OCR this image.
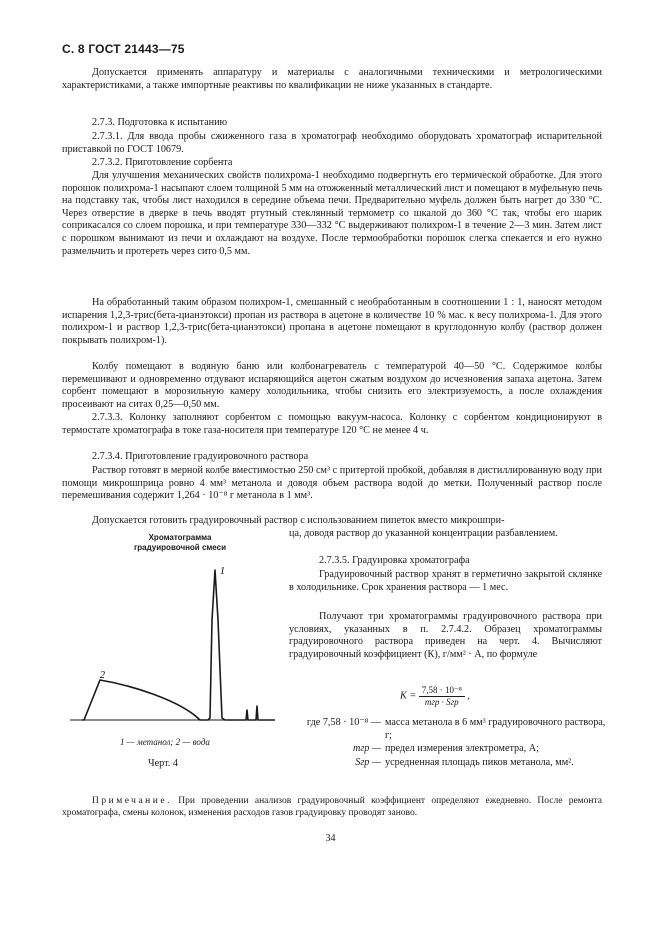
С. 8 ГОСТ 21443—75
Допускается применять аппаратуру и материалы с аналогичными техническими и метрологическими характеристиками, а также импортные реактивы по квалификации не ниже указанных в стандарте.
2.7.3. Подготовка к испытанию
2.7.3.1. Для ввода пробы сжиженного газа в хроматограф необходимо оборудовать хроматограф испарительной приставкой по ГОСТ 10679.
2.7.3.2. Приготовление сорбента
Для улучшения механических свойств полихрома-1 необходимо подвергнуть его термической обработке. Для этого порошок полихрома-1 насыпают слоем толщиной 5 мм на отожженный металлический лист и помещают в муфельную печь на подставку так, чтобы лист находился в середине объема печи. Предварительно муфель должен быть нагрет до 330 °С. Через отверстие в дверке в печь вводят ртутный стеклянный термометр со шкалой до 360 °С так, чтобы его шарик соприкасался со слоем порошка, и при температуре 330—332 °С выдерживают полихром-1 в течение 2—3 мин. Затем лист с порошком вынимают из печи и охлаждают на воздухе. После термообработки порошок слегка спекается и его нужно размельчить и протереть через сито 0,5 мм.
На обработанный таким образом полихром-1, смешанный с необработанным в соотношении 1 : 1, наносят методом испарения 1,2,3-трис(бета-цианэтокси) пропан из раствора в ацетоне в количестве 10 % мас. к весу полихрома-1. Для этого полихром-1 и раствор 1,2,3-трис(бета-цианэтокси) пропана в ацетоне помещают в круглодонную колбу (раствор должен покрывать полихром-1).
Колбу помещают в водяную баню или колбонагреватель с температурой 40—50 °С. Содержимое колбы перемешивают и одновременно отдувают испаряющийся ацетон сжатым воздухом до исчезновения запаха ацетона. Затем сорбент помещают в морозильную камеру холодильника, чтобы снизить его электризуемость, а после охлаждения просеивают на ситах 0,25—0,50 мм.
2.7.3.3. Колонку заполняют сорбентом с помощью вакуум-насоса. Колонку с сорбентом кондиционируют в термостате хроматографа в токе газа-носителя при температуре 120 °С не менее 4 ч.
2.7.3.4. Приготовление градуировочного раствора
Раствор готовят в мерной колбе вместимостью 250 см³ с притертой пробкой, добавляя в дистиллированную воду при помощи микрошприца ровно 4 мм³ метанола и доводя объем раствора водой до метки. Полученный раствор после перемешивания содержит 1,264 · 10⁻⁸ г метанола в 1 мм³.
Допускается готовить градуировочный раствор с использованием пипеток вместо микрошпри-
ца, доводя раствор до указанной концентрации разбавлением.
2.7.3.5. Градуировка хроматографа
Градуировочный раствор хранят в герметично закрытой склянке в холодильнике. Срок хранения раствора — 1 мес.
Получают три хроматограммы градуировочного раствора при условиях, указанных в п. 2.7.4.2. Образец хроматограммы градуировочного раствора приведен на черт. 4. Вычисляют градуировочный коэффициент (К), г/мм² · А, по формуле
$К = \frac{\text{7,58 · 10⁻⁸}}{\text{mгр · Sгр}}$ ,
где 7,58 · 10⁻⁸ — масса метанола в 6 мм³ градуировочного раствора, г;
mгр — предел измерения электрометра, А;
Sгр — усредненная площадь пиков метанола, мм².
Хроматограмма
градуировочной смеси
1
2
1 — метанол; 2 — вода
Черт. 4
Примечание. При проведении анализов градуировочный коэффициент определяют ежедневно. После ремонта хроматографа, смены колонок, изменения расходов газов градуировку проводят заново.
34
